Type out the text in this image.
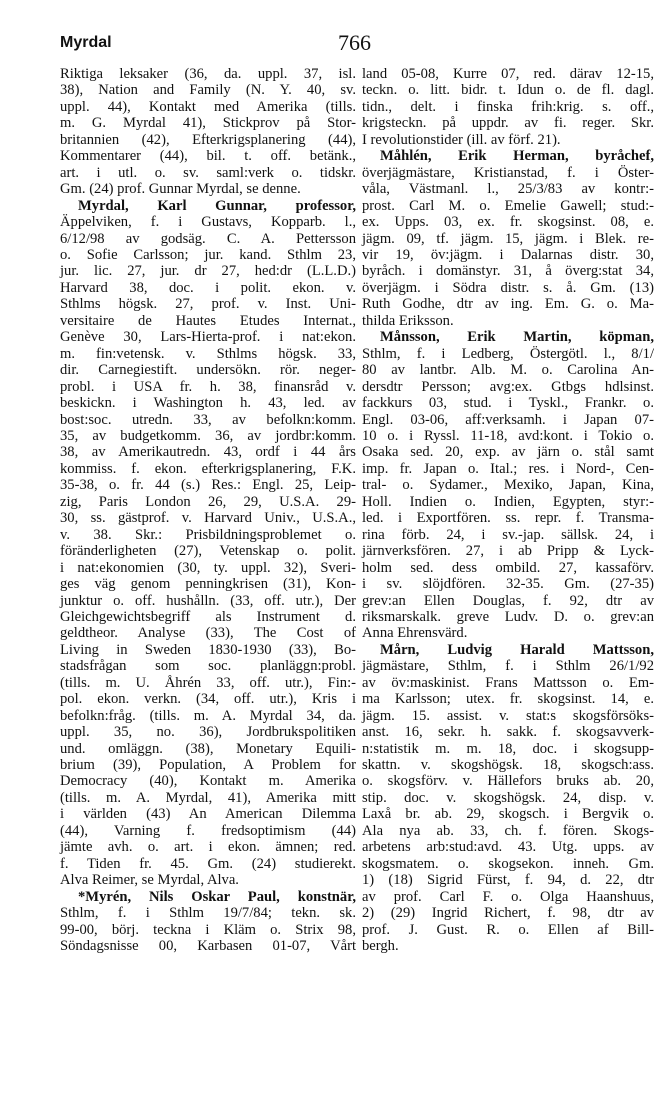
Myrdal	766
Riktiga leksaker (36, da. uppl. 37, isl.
38), Nation and Family (N. Y. 40, sv.
uppl. 44), Kontakt med Amerika (tills.
m. G. Myrdal 41), Stickprov på Stor-
britannien (42), Efterkrigsplanering (44),
Kommentarer (44), bil. t. off. betänk.,
art. i utl. o. sv. saml:verk o. tidskr.
Gm. (24) prof. Gunnar Myrdal, se denne.
Myrdal, Karl Gunnar, professor,
Äppelviken, f. i Gustavs, Kopparb. l.,
6/12/98 av godsäg. C. A. Pettersson
o. Sofie Carlsson; jur. kand. Sthlm 23,
jur. lic. 27, jur. dr 27, hed:dr (L.L.D.)
Harvard 38, doc. i polit. ekon. v.
Sthlms högsk. 27, prof. v. Inst. Uni-
versitaire de Hautes Etudes Internat.,
Genève 30, Lars-Hierta-prof. i nat:ekon.
m. fin:vetensk. v. Sthlms högsk. 33,
dir. Carnegiestift. undersökn. rör. neger-
probl. i USA fr. h. 38, finansråd v.
beskickn. i Washington h. 43, led. av
bost:soc. utredn. 33, av befolkn:komm.
35, av budgetkomm. 36, av jordbr:komm.
38, av Amerikautredn. 43, ordf i 44 års
kommiss. f. ekon. efterkrigsplanering, F.K.
35-38, o. fr. 44 (s.) Res.: Engl. 25, Leip-
zig, Paris London 26, 29, U.S.A. 29-
30, ss. gästprof. v. Harvard Univ., U.S.A.,
v. 38. Skr.: Prisbildningsproblemet o.
föränderligheten (27), Vetenskap o. polit.
i nat:ekonomien (30, ty. uppl. 32), Sveri-
ges väg genom penningkrisen (31), Kon-
junktur o. off. hushålln. (33, off. utr.), Der
Gleichgewichtsbegriff als Instrument d.
geldtheor. Analyse (33), The Cost of
Living in Sweden 1830-1930 (33), Bo-
stadsfrågan som soc. planläggn:probl.
(tills. m. U. Åhrén 33, off. utr.), Fin:-
pol. ekon. verkn. (34, off. utr.), Kris i
befolkn:fråg. (tills. m. A. Myrdal 34, da.
uppl. 35, no. 36), Jordbrukspolitiken
und. omläggn. (38), Monetary Equili-
brium (39), Population, A Problem for
Democracy (40), Kontakt m. Amerika
(tills. m. A. Myrdal, 41), Amerika mitt
i världen (43) An American Dilemma
(44), Varning f. fredsoptimism (44)
jämte avh. o. art. i ekon. ämnen; red.
f. Tiden fr. 45. Gm. (24) studierekt.
Alva Reimer, se Myrdal, Alva.
*Myrén, Nils Oskar Paul, konstnär,
Sthlm, f. i Sthlm 19/7/84; tekn. sk.
99-00, börj. teckna i Kläm o. Strix 98,
Söndagsnisse 00, Karbasen 01-07, Vårt
land 05-08, Kurre 07, red. därav 12-15,
teckn. o. litt. bidr. t. Idun o. de fl. dagl.
tidn., delt. i finska frih:krig. s. off.,
krigsteckn. på uppdr. av fi. reger. Skr.
I revolutionstider (ill. av förf. 21).
Måhlén, Erik Herman, byråchef,
överjägmästare, Kristianstad, f. i Öster-
våla, Västmanl. l., 25/3/83 av kontr:-
prost. Carl M. o. Emelie Gawell; stud:-
ex. Upps. 03, ex. fr. skogsinst. 08, e.
jägm. 09, tf. jägm. 15, jägm. i Blek. re-
vir 19, öv:jägm. i Dalarnas distr. 30,
byråch. i domänstyr. 31, å överg:stat 34,
överjägm. i Södra distr. s. å. Gm. (13)
Ruth Godhe, dtr av ing. Em. G. o. Ma-
thilda Eriksson.
Månsson, Erik Martin, köpman,
Sthlm, f. i Ledberg, Östergötl. l., 8/1/
80 av lantbr. Alb. M. o. Carolina An-
dersdtr Persson; avg:ex. Gtbgs hdlsinst.
fackkurs 03, stud. i Tyskl., Frankr. o.
Engl. 03-06, aff:verksamh. i Japan 07-
10 o. i Ryssl. 11-18, avd:kont. i Tokio o.
Osaka sed. 20, exp. av järn o. stål samt
imp. fr. Japan o. Ital.; res. i Nord-, Cen-
tral- o. Sydamer., Mexiko, Japan, Kina,
Holl. Indien o. Indien, Egypten, styr:-
led. i Exportfören. ss. repr. f. Transma-
rina förb. 24, i sv.-jap. sällsk. 24, i
järnverksfören. 27, i ab Pripp & Lyck-
holm sed. dess ombild. 27, kassaförv.
i sv. slöjdfören. 32-35. Gm. (27-35)
grev:an Ellen Douglas, f. 92, dtr av
riksmarskalk. greve Ludv. D. o. grev:an
Anna Ehrensvärd.
Mårn, Ludvig Harald Mattsson,
jägmästare, Sthlm, f. i Sthlm 26/1/92
av öv:maskinist. Frans Mattsson o. Em-
ma Karlsson; utex. fr. skogsinst. 14, e.
jägm. 15. assist. v. stat:s skogsförsöks-
anst. 16, sekr. h. sakk. f. skogsavverk-
n:statistik m. m. 18, doc. i skogsupp-
skattn. v. skogshögsk. 18, skogsch:ass.
o. skogsförv. v. Hällefors bruks ab. 20,
stip. doc. v. skogshögsk. 24, disp. v.
Laxå br. ab. 29, skogsch. i Bergvik o.
Ala nya ab. 33, ch. f. fören. Skogs-
arbetens arb:stud:avd. 43. Utg. upps. av
skogsmatem. o. skogsekon. inneh. Gm.
1) (18) Sigrid Fürst, f. 94, d. 22, dtr
av prof. Carl F. o. Olga Haanshuus,
2) (29) Ingrid Richert, f. 98, dtr av
prof. J. Gust. R. o. Ellen af Bill-
bergh.
